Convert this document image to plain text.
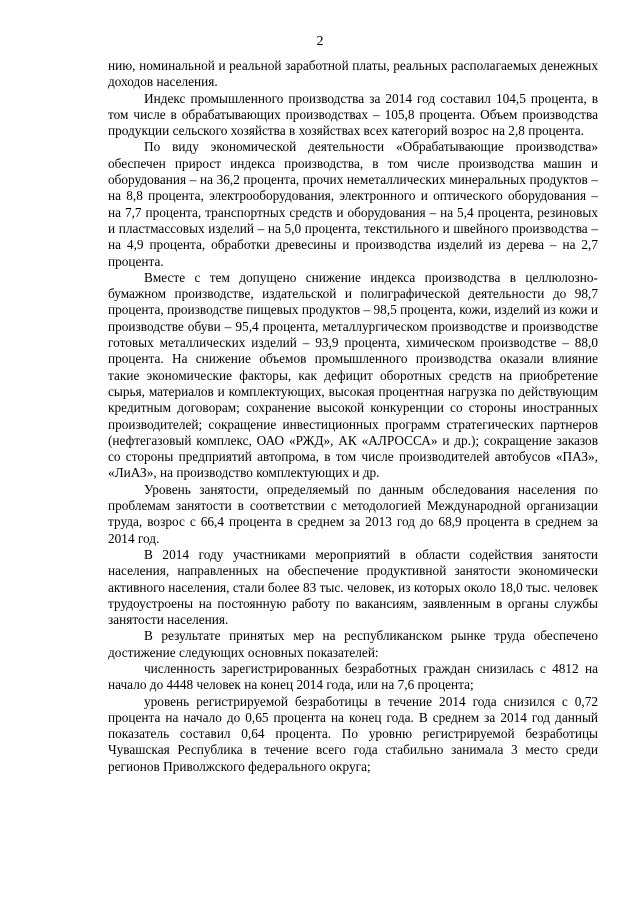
2

нию, номинальной и реальной заработной платы, реальных располагаемых денежных доходов населения.

Индекс промышленного производства за 2014 год составил 104,5 процента, в том числе в обрабатывающих производствах – 105,8 процента. Объем производства продукции сельского хозяйства в хозяйствах всех категорий возрос на 2,8 процента.

По виду экономической деятельности «Обрабатывающие производства» обеспечен прирост индекса производства, в том числе производства машин и оборудования – на 36,2 процента, прочих неметаллических минеральных продуктов – на 8,8 процента, электрооборудования, электронного и оптического оборудования – на 7,7 процента, транспортных средств и оборудования – на 5,4 процента, резиновых и пластмассовых изделий – на 5,0 процента, текстильного и швейного производства – на 4,9 процента, обработки древесины и производства изделий из дерева – на 2,7 процента.

Вместе с тем допущено снижение индекса производства в целлюлозно-бумажном производстве, издательской и полиграфической деятельности до 98,7 процента, производстве пищевых продуктов – 98,5 процента, кожи, изделий из кожи и производстве обуви – 95,4 процента, металлургическом производстве и производстве готовых металлических изделий – 93,9 процента, химическом производстве – 88,0 процента. На снижение объемов промышленного производства оказали влияние такие экономические факторы, как дефицит оборотных средств на приобретение сырья, материалов и комплектующих, высокая процентная нагрузка по действующим кредитным договорам; сохранение высокой конкуренции со стороны иностранных производителей; сокращение инвестиционных программ стратегических партнеров (нефтегазовый комплекс, ОАО «РЖД», АК «АЛРОССА» и др.); сокращение заказов со стороны предприятий автопрома, в том числе производителей автобусов «ПАЗ», «ЛиАЗ», на производство комплектующих и др.

Уровень занятости, определяемый по данным обследования населения по проблемам занятости в соответствии с методологией Международной организации труда, возрос с 66,4 процента в среднем за 2013 год до 68,9 процента в среднем за 2014 год.

В 2014 году участниками мероприятий в области содействия занятости населения, направленных на обеспечение продуктивной занятости экономически активного населения, стали более 83 тыс. человек, из которых около 18,0 тыс. человек трудоустроены на постоянную работу по вакансиям, заявленным в органы службы занятости населения.

В результате принятых мер на республиканском рынке труда обеспечено достижение следующих основных показателей:

численность зарегистрированных безработных граждан снизилась с 4812 на начало до 4448 человек на конец 2014 года, или на 7,6 процента;

уровень регистрируемой безработицы в течение 2014 года снизился с 0,72 процента на начало до 0,65 процента на конец года. В среднем за 2014 год данный показатель составил 0,64 процента. По уровню регистрируемой безработицы Чувашская Республика в течение всего года стабильно занимала 3 место среди регионов Приволжского федерального округа;
